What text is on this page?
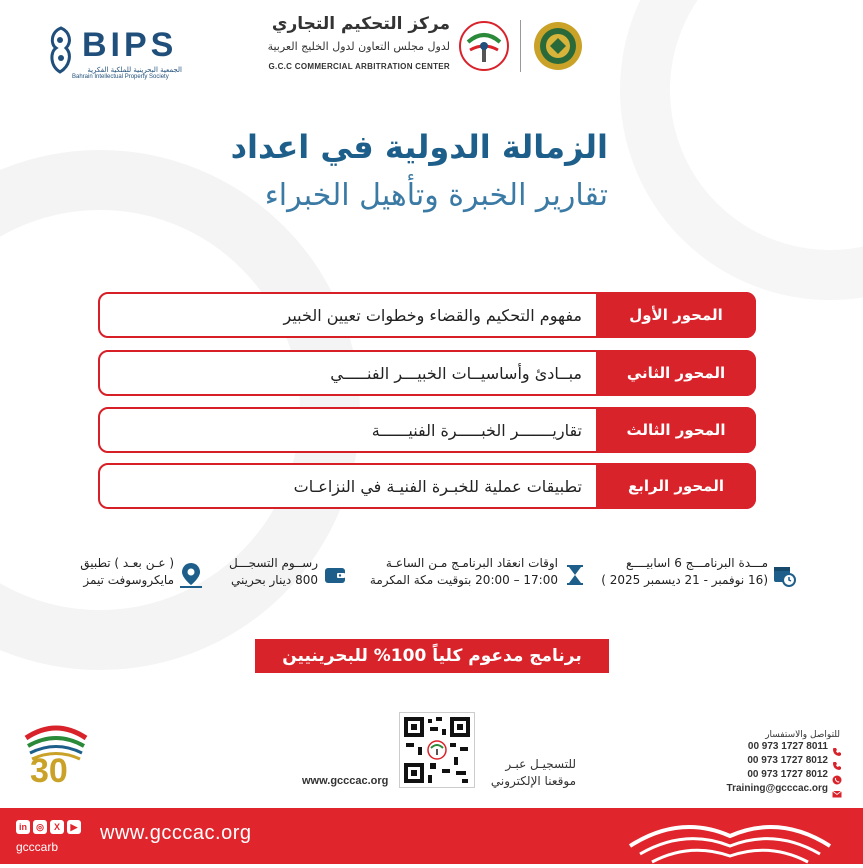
BIPS
الجمعية البحرينية للملكية الفكرية
Bahrain Intellectual Property Society
مركز التحكيم التجاري
لدول مجلس التعاون لدول الخليج العربية
G.C.C COMMERCIAL ARBITRATION CENTER
الزمالة الدولية في اعداد
تقارير الخبرة وتأهيل الخبراء
المحور الأول
مفهوم التحكيم والقضاء وخطوات تعيين الخبير
المحور الثاني
مبــادئ وأساسيــات الخبيـــر الفنـــــي
المحور الثالث
تقاريـــــــر الخبـــــرة الفنيــــــة
المحور الرابع
تطبيقات عملية للخبـرة الفنيـة في النزاعـات
مـــدة البرنامـــج 6 اسابيــــع
(16 نوفمبر - 21 ديسمبر 2025 )
اوقات انعقاد البرنامـج مـن الساعـة
17:00 – 20:00 بتوقيت مكة المكرمة
رســوم التسجـــل
800 دينار بحريني
( عـن بعـد ) تطبيق
مايكروسوفت تيمز
برنامج مدعوم كلياً 100% للبحرينيين
30	للتسجيـل عبـر
موقعنا الإلكتروني
www.gcccac.org
للتواصل والاستفسار
00 973 1727 8011
00 973 1727 8012
00 973 1727 8012
Training@gcccac.org
www.gcccac.org
in	◎	X	▶
gcccarb
